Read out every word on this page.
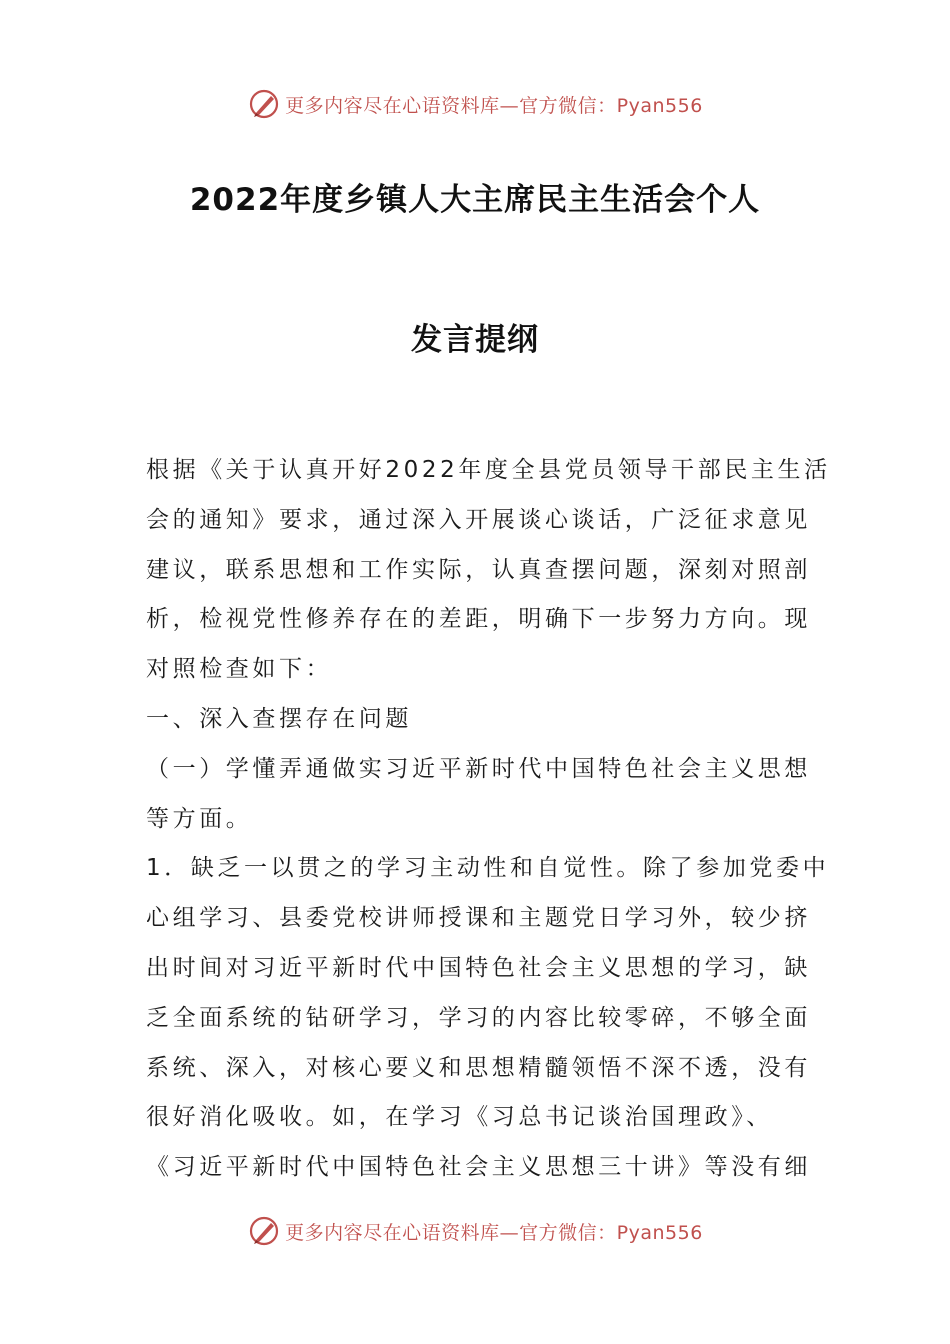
更多内容尽在心语资料库—官方微信：Pyan556
2022年度乡镇人大主席民主生活会个人
发言提纲
根据《关于认真开好2022年度全县党员领导干部民主生活
会的通知》要求，通过深入开展谈心谈话，广泛征求意见
建议，联系思想和工作实际，认真查摆问题，深刻对照剖
析，检视党性修养存在的差距，明确下一步努力方向。现
对照检查如下：
一、深入查摆存在问题
（一）学懂弄通做实习近平新时代中国特色社会主义思想
等方面。
1．缺乏一以贯之的学习主动性和自觉性。除了参加党委中
心组学习、县委党校讲师授课和主题党日学习外，较少挤
出时间对习近平新时代中国特色社会主义思想的学习，缺
乏全面系统的钻研学习，学习的内容比较零碎，不够全面
系统、深入，对核心要义和思想精髓领悟不深不透，没有
很好消化吸收。如，在学习《习总书记谈治国理政》、
《习近平新时代中国特色社会主义思想三十讲》等没有细
更多内容尽在心语资料库—官方微信：Pyan556
